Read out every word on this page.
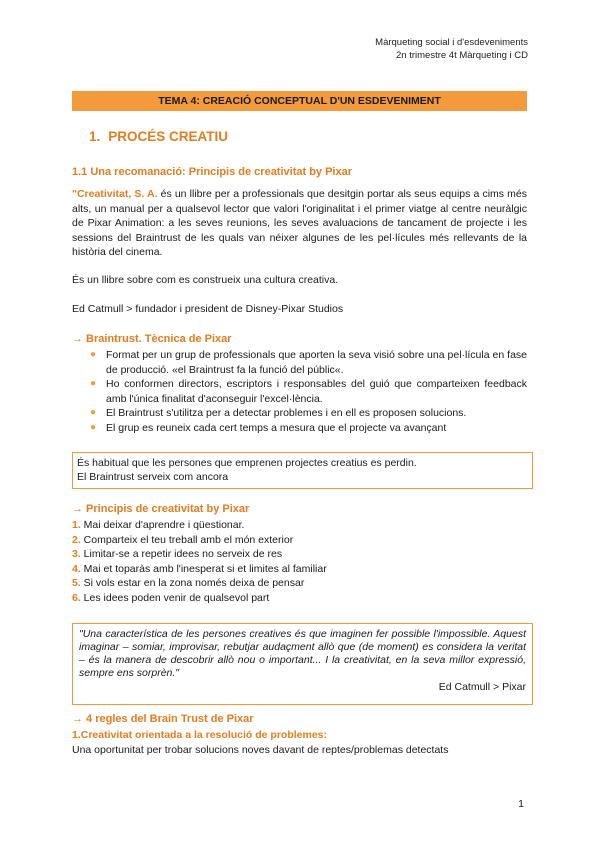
Màrqueting social i d'esdeveniments
2n trimestre 4t Màrqueting i CD
TEMA 4: CREACIÓ CONCEPTUAL D'UN ESDEVENIMENT
1. PROCÉS CREATIU
1.1 Una recomanació: Principis de creativitat by Pixar
"Creativitat, S. A. és un llibre per a professionals que desitgin portar als seus equips a cims més alts, un manual per a qualsevol lector que valori l'originalitat i el primer viatge al centre neuràlgic de Pixar Animation: a les seves reunions, les seves avaluacions de tancament de projecte i les sessions del Braintrust de les quals van néixer algunes de les pel·lícules més rellevants de la història del cinema.
És un llibre sobre com es construeix una cultura creativa.
Ed Catmull > fundador i president de Disney-Pixar Studios
→ Braintrust. Tècnica de Pixar
● Format per un grup de professionals que aporten la seva visió sobre una pel·lícula en fase de producció. «el Braintrust fa la funció del públic«.
● Ho conformen directors, escriptors i responsables del guió que comparteixen feedback amb l'única finalitat d'aconseguir l'excel·lència.
● El Braintrust s'utilitza per a detectar problemes i en ell es proposen solucions.
● El grup es reuneix cada cert temps a mesura que el projecte va avançant
És habitual que les persones que emprenen projectes creatius es perdin.
El Braintrust serveix com ancora
→ Principis de creativitat by Pixar
1. Mai deixar d'aprendre i qüestionar.
2. Comparteix el teu treball amb el món exterior
3. Limitar-se a repetir idees no serveix de res
4. Mai et toparàs amb l'inesperat si et limites al familiar
5. Si vols estar en la zona només deixa de pensar
6. Les idees poden venir de qualsevol part
"Una característica de les persones creatives és que imaginen fer possible l'impossible. Aquest imaginar – somiar, improvisar, rebutjar audaçment allò que (de moment) es considera la veritat – és la manera de descobrir allò nou o important... I la creativitat, en la seva millor expressió, sempre ens sorprèn."
Ed Catmull > Pixar
→ 4 regles del Brain Trust de Pixar
1.Creativitat orientada a la resolució de problemes:
Una oportunitat per trobar solucions noves davant de reptes/problemas detectats
1
